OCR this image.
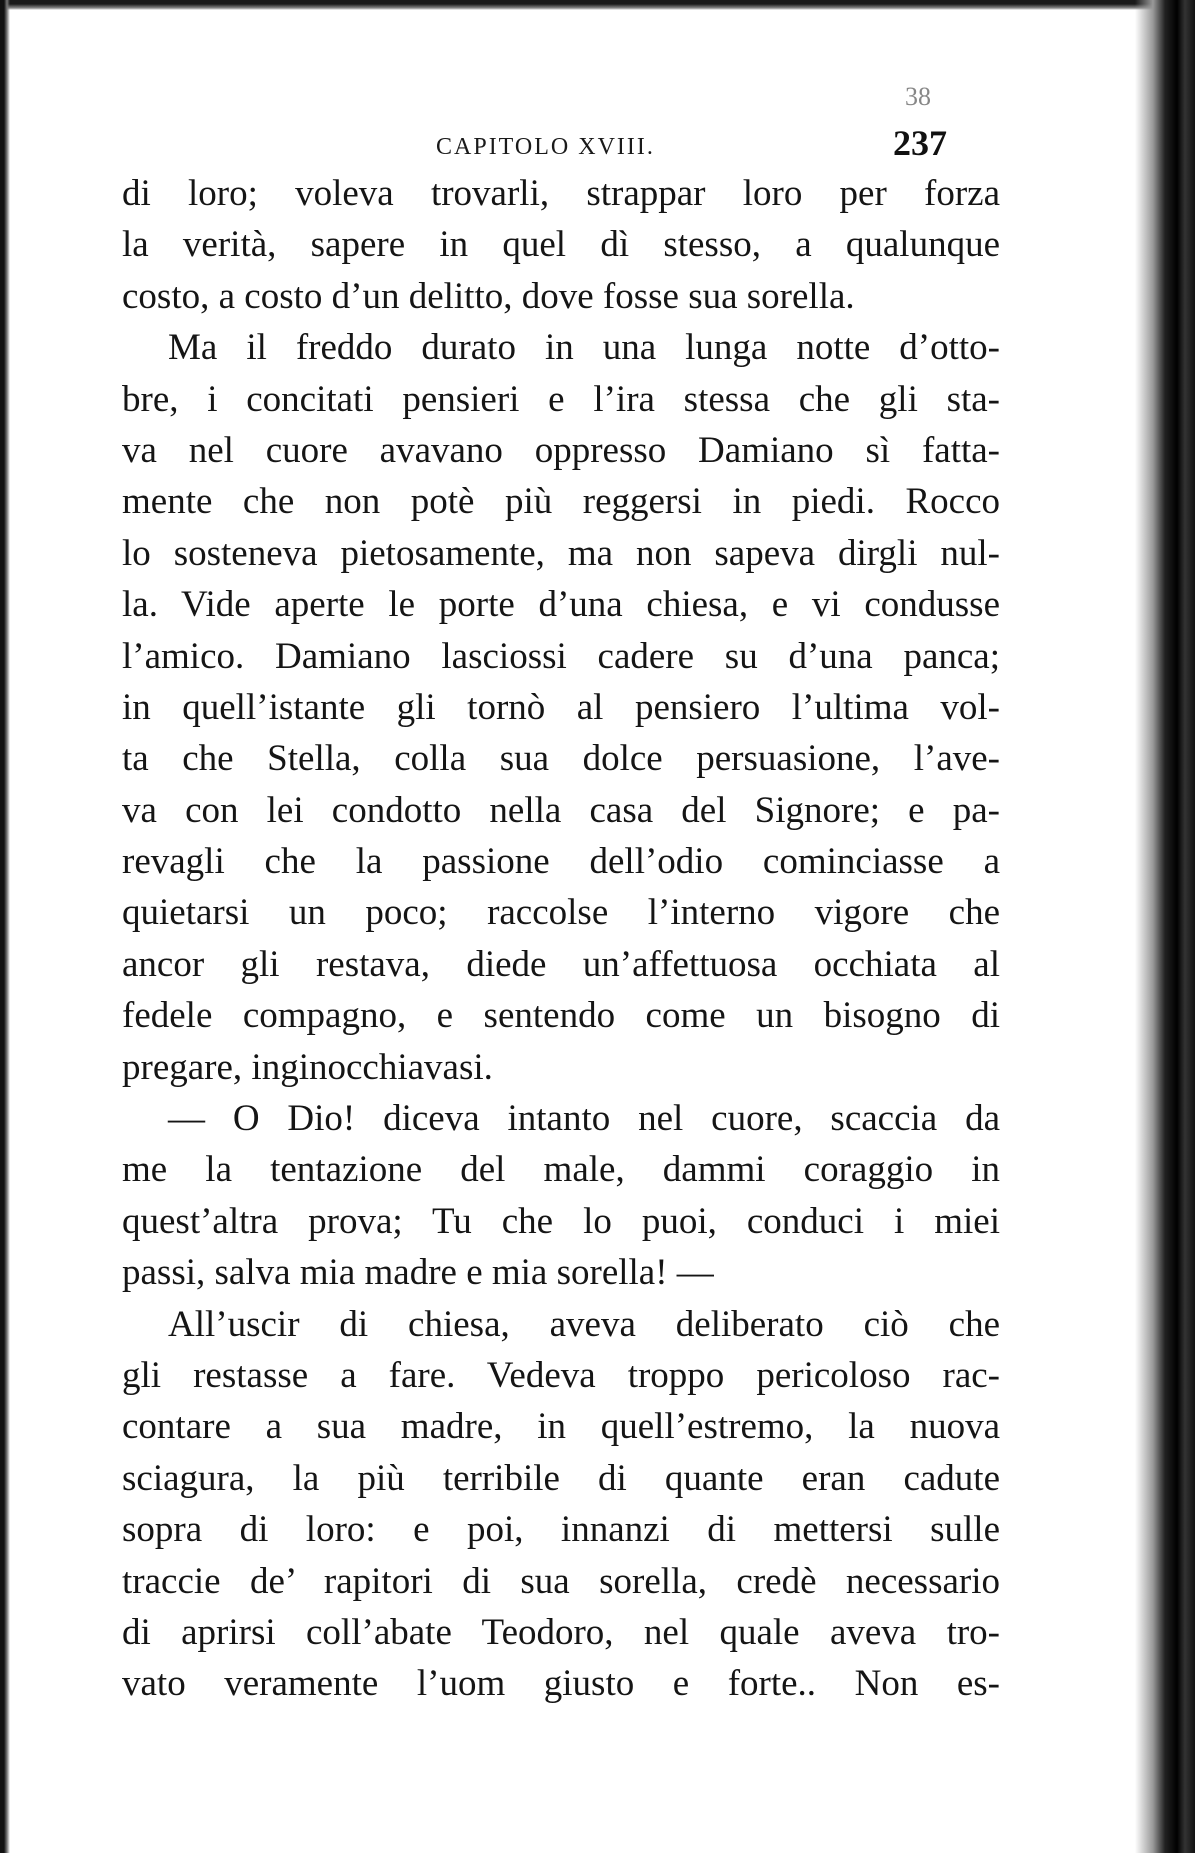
38
CAPITOLO XVIII.	237
di loro; voleva trovarli, strappar loro per forza
la verità, sapere in quel dì stesso, a qualunque
costo, a costo d’un delitto, dove fosse sua sorella.
Ma il freddo durato in una lunga notte d’otto-
bre, i concitati pensieri e l’ira stessa che gli sta-
va nel cuore avavano oppresso Damiano sì fatta-
mente che non potè più reggersi in piedi. Rocco
lo sosteneva pietosamente, ma non sapeva dirgli nul-
la. Vide aperte le porte d’una chiesa, e vi condusse
l’amico. Damiano lasciossi cadere su d’una panca;
in quell’istante gli tornò al pensiero l’ultima vol-
ta che Stella, colla sua dolce persuasione, l’ave-
va con lei condotto nella casa del Signore; e pa-
revagli che la passione dell’odio cominciasse a
quietarsi un poco; raccolse l’interno vigore che
ancor gli restava, diede un’affettuosa occhiata al
fedele compagno, e sentendo come un bisogno di
pregare, inginocchiavasi.
— O Dio! diceva intanto nel cuore, scaccia da
me la tentazione del male, dammi coraggio in
quest’altra prova; Tu che lo puoi, conduci i miei
passi, salva mia madre e mia sorella! —
All’uscir di chiesa, aveva deliberato ciò che
gli restasse a fare. Vedeva troppo pericoloso rac-
contare a sua madre, in quell’estremo, la nuova
sciagura, la più terribile di quante eran cadute
sopra di loro: e poi, innanzi di mettersi sulle
traccie de’ rapitori di sua sorella, credè necessario
di aprirsi coll’abate Teodoro, nel quale aveva tro-
vato veramente l’uom giusto e forte.. Non es-
